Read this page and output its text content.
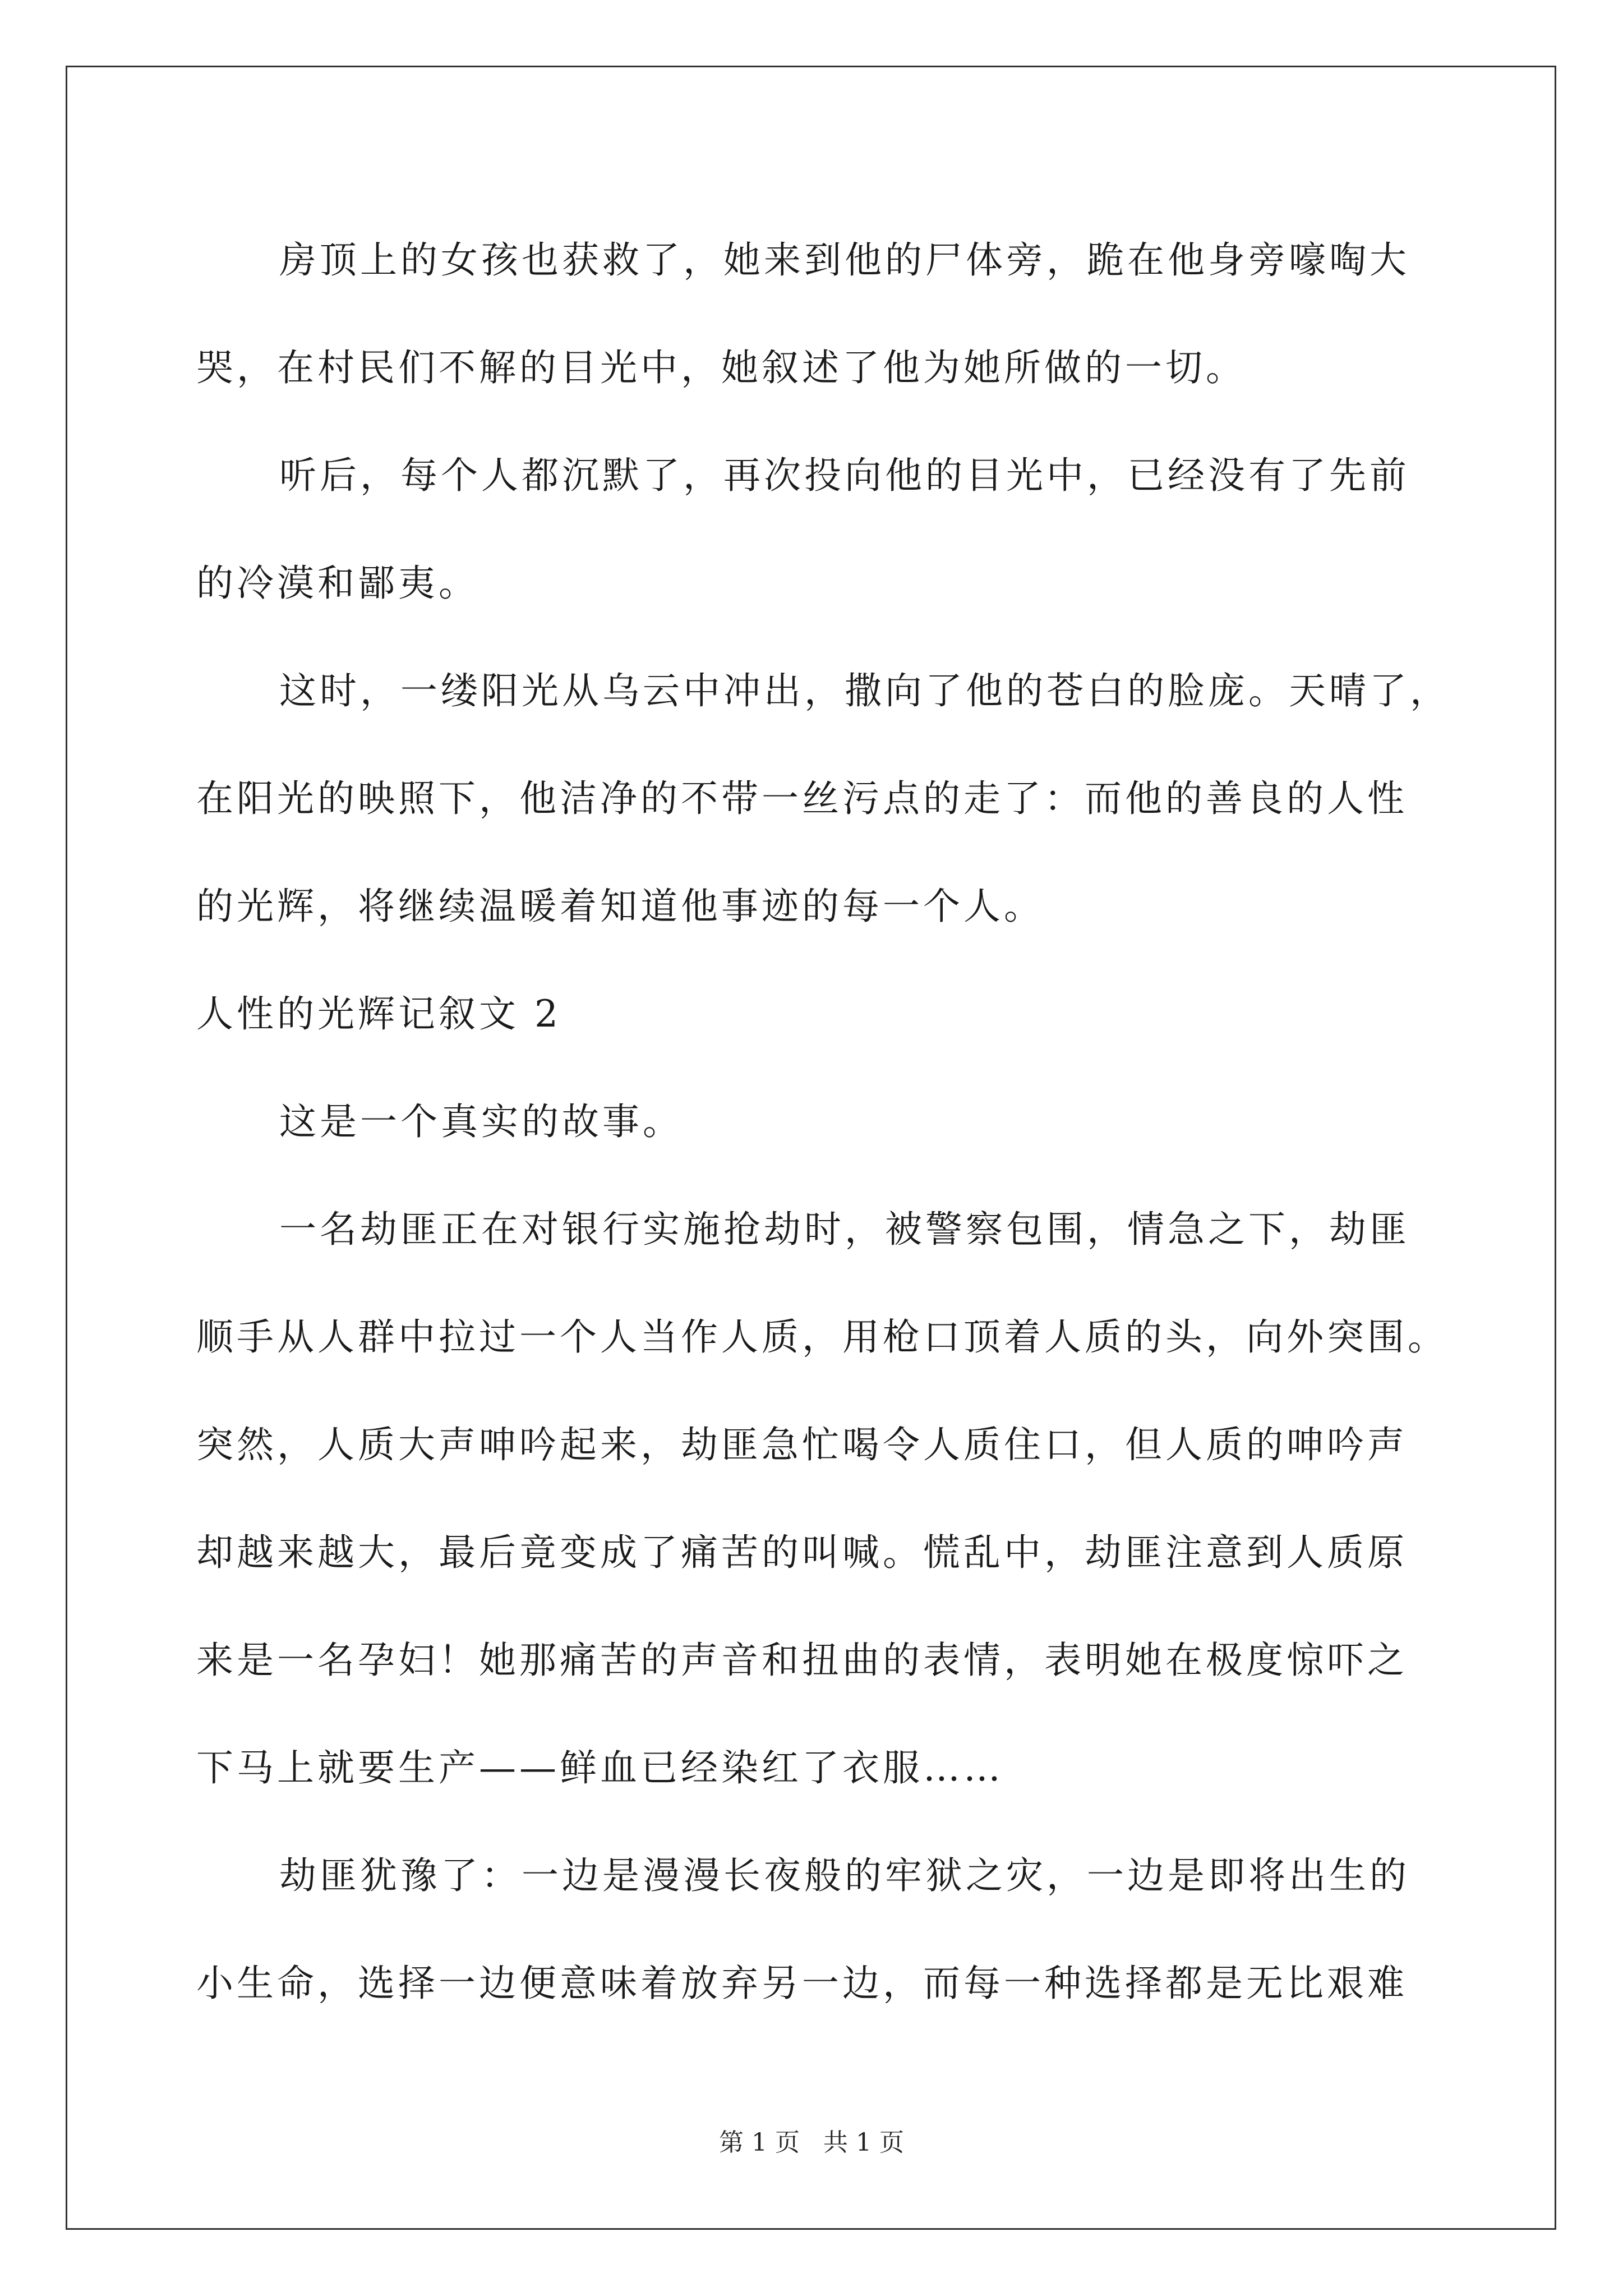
房顶上的女孩也获救了，她来到他的尸体旁，跪在他身旁嚎啕大
哭，在村民们不解的目光中，她叙述了他为她所做的一切。
听后，每个人都沉默了，再次投向他的目光中，已经没有了先前
的冷漠和鄙夷。
这时，一缕阳光从乌云中冲出，撒向了他的苍白的脸庞。天晴了，
在阳光的映照下，他洁净的不带一丝污点的走了：而他的善良的人性
的光辉，将继续温暖着知道他事迹的每一个人。
人性的光辉记叙文 2
这是一个真实的故事。
一名劫匪正在对银行实施抢劫时，被警察包围，情急之下，劫匪
顺手从人群中拉过一个人当作人质，用枪口顶着人质的头，向外突围。
突然，人质大声呻吟起来，劫匪急忙喝令人质住口，但人质的呻吟声
却越来越大，最后竟变成了痛苦的叫喊。慌乱中，劫匪注意到人质原
来是一名孕妇！她那痛苦的声音和扭曲的表情，表明她在极度惊吓之
下马上就要生产——鲜血已经染红了衣服……
劫匪犹豫了：一边是漫漫长夜般的牢狱之灾，一边是即将出生的
小生命，选择一边便意味着放弃另一边，而每一种选择都是无比艰难
第 1 页   共 1 页
